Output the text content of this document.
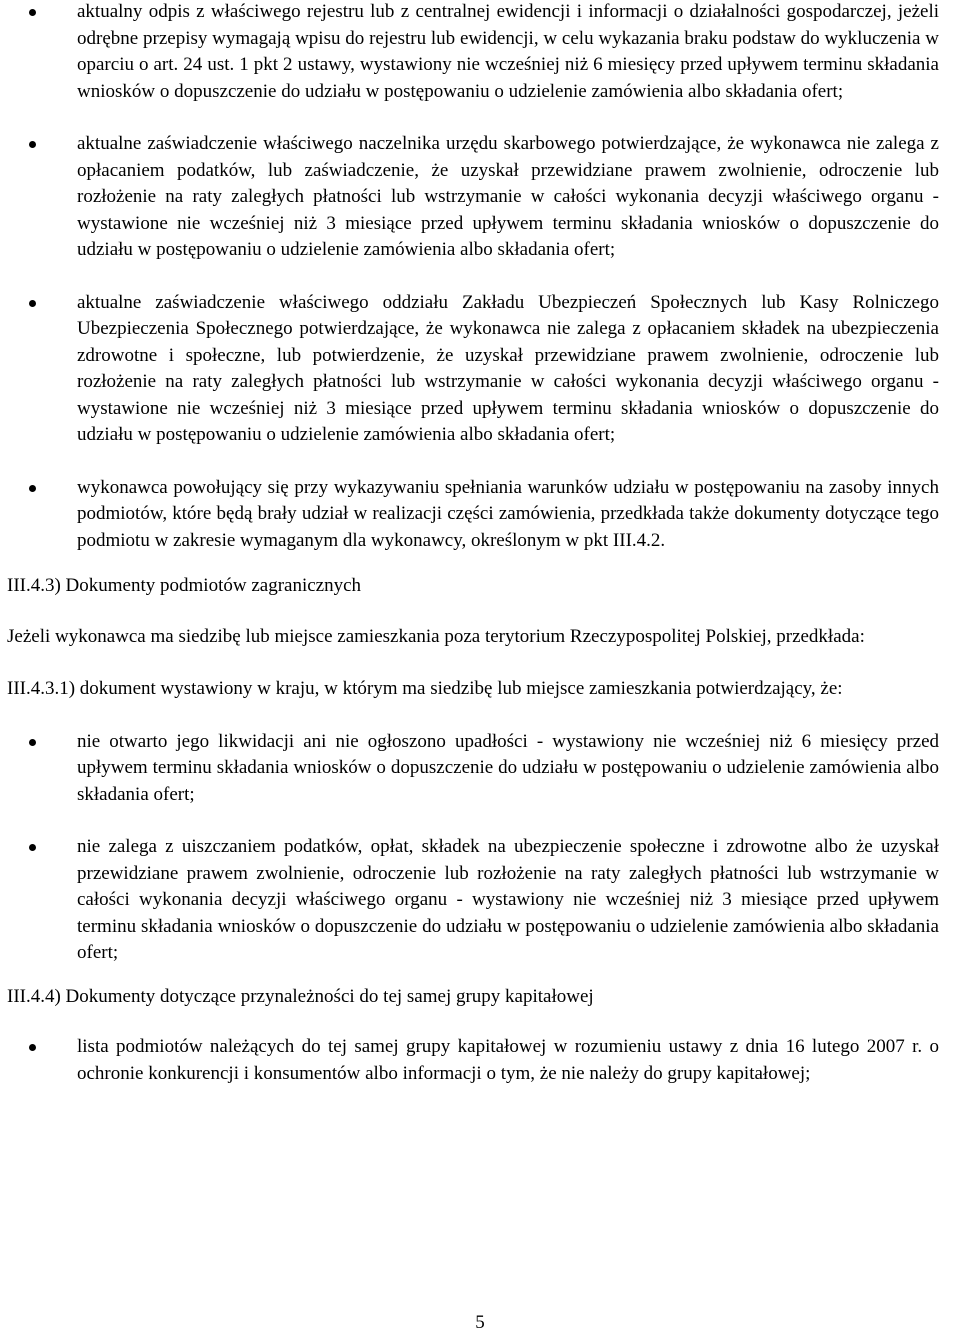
aktualny odpis z właściwego rejestru lub z centralnej ewidencji i informacji o działalności gospodarczej, jeżeli odrębne przepisy wymagają wpisu do rejestru lub ewidencji, w celu wykazania braku podstaw do wykluczenia w oparciu o art. 24 ust. 1 pkt 2 ustawy, wystawiony nie wcześniej niż 6 miesięcy przed upływem terminu składania wniosków o dopuszczenie do udziału w postępowaniu o udzielenie zamówienia albo składania ofert;
aktualne zaświadczenie właściwego naczelnika urzędu skarbowego potwierdzające, że wykonawca nie zalega z opłacaniem podatków, lub zaświadczenie, że uzyskał przewidziane prawem zwolnienie, odroczenie lub rozłożenie na raty zaległych płatności lub wstrzymanie w całości wykonania decyzji właściwego organu - wystawione nie wcześniej niż 3 miesiące przed upływem terminu składania wniosków o dopuszczenie do udziału w postępowaniu o udzielenie zamówienia albo składania ofert;
aktualne zaświadczenie właściwego oddziału Zakładu Ubezpieczeń Społecznych lub Kasy Rolniczego Ubezpieczenia Społecznego potwierdzające, że wykonawca nie zalega z opłacaniem składek na ubezpieczenia zdrowotne i społeczne, lub potwierdzenie, że uzyskał przewidziane prawem zwolnienie, odroczenie lub rozłożenie na raty zaległych płatności lub wstrzymanie w całości wykonania decyzji właściwego organu - wystawione nie wcześniej niż 3 miesiące przed upływem terminu składania wniosków o dopuszczenie do udziału w postępowaniu o udzielenie zamówienia albo składania ofert;
wykonawca powołujący się przy wykazywaniu spełniania warunków udziału w postępowaniu na zasoby innych podmiotów, które będą brały udział w realizacji części zamówienia, przedkłada także dokumenty dotyczące tego podmiotu w zakresie wymaganym dla wykonawcy, określonym w pkt III.4.2.

III.4.3) Dokumenty podmiotów zagranicznych

Jeżeli wykonawca ma siedzibę lub miejsce zamieszkania poza terytorium Rzeczypospolitej Polskiej, przedkłada:

III.4.3.1) dokument wystawiony w kraju, w którym ma siedzibę lub miejsce zamieszkania potwierdzający, że:

nie otwarto jego likwidacji ani nie ogłoszono upadłości - wystawiony nie wcześniej niż 6 miesięcy przed upływem terminu składania wniosków o dopuszczenie do udziału w postępowaniu o udzielenie zamówienia albo składania ofert;
nie zalega z uiszczaniem podatków, opłat, składek na ubezpieczenie społeczne i zdrowotne albo że uzyskał przewidziane prawem zwolnienie, odroczenie lub rozłożenie na raty zaległych płatności lub wstrzymanie w całości wykonania decyzji właściwego organu - wystawiony nie wcześniej niż 3 miesiące przed upływem terminu składania wniosków o dopuszczenie do udziału w postępowaniu o udzielenie zamówienia albo składania ofert;

III.4.4) Dokumenty dotyczące przynależności do tej samej grupy kapitałowej

lista podmiotów należących do tej samej grupy kapitałowej w rozumieniu ustawy z dnia 16 lutego 2007 r. o ochronie konkurencji i konsumentów albo informacji o tym, że nie należy do grupy kapitałowej;
5
